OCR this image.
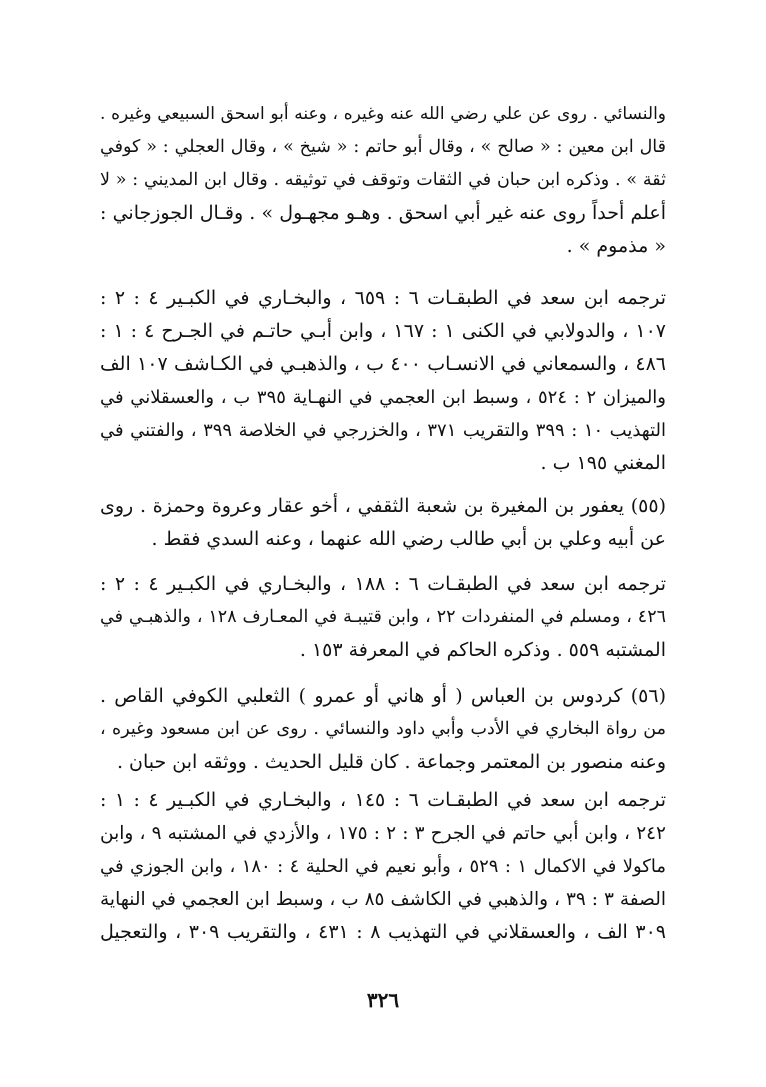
والنسائي . روى عن علي رضي الله عنه وغيره ، وعنه أبو اسحق السبيعي وغيره .
قال ابن معين : « صالح » ، وقال أبو حاتم : « شيخ » ، وقال العجلي : « كوفي
ثقة » . وذكره ابن حبان في الثقات وتوقف في توثيقه . وقال ابن المديني : « لا
أعلم أحداً روى عنه غير أبي اسحق . وهـو مجهـول » . وقـال الجوزجاني :
« مذموم » .
ترجمه ابن سعد في الطبقـات ٦ : ٦٥٩ ، والبخـاري في الكبـير ٤ : ٢ :
١٠٧ ، والدولابي في الكنى ١ : ١٦٧ ، وابن أبـي حاتـم في الجـرح ٤ : ١ :
٤٨٦ ، والسمعاني في الانسـاب ٤٠٠ ب ، والذهبـي في الكـاشف ١٠٧ الف
والميزان ٢ : ٥٢٤ ، وسبط ابن العجمي في النهـاية ٣٩٥ ب ، والعسقلاني في
التهذيب ١٠ : ٣٩٩ والتقريب ٣٧١ ، والخزرجي في الخلاصة ٣٩٩ ، والفتني في
المغني ١٩٥ ب .
(٥٥) يعفور بن المغيرة بن شعبة الثقفي ، أخو عقار وعروة وحمزة . روى
عن أبيه وعلي بن أبي طالب رضي الله عنهما ، وعنه السدي فقط .
ترجمه ابن سعد في الطبقـات ٦ : ١٨٨ ، والبخـاري في الكبـير ٤ : ٢ :
٤٢٦ ، ومسلم في المنفردات ٢٢ ، وابن قتيبـة في المعـارف ١٢٨ ، والذهبـي في
المشتبه ٥٥٩ . وذكره الحاكم في المعرفة ١٥٣ .
(٥٦) كردوس بن العباس ( أو هاني أو عمرو ) الثعلبي الكوفي القاص .
من رواة البخاري في الأدب وأبي داود والنسائي . روى عن ابن مسعود وغيره ،
وعنه منصور بن المعتمر وجماعة . كان قليل الحديث . ووثقه ابن حبان .
ترجمه ابن سعد في الطبقـات ٦ : ١٤٥ ، والبخـاري في الكبـير ٤ : ١ :
٢٤٢ ، وابن أبي حاتم في الجرح ٣ : ٢ : ١٧٥ ، والأزدي في المشتبه ٩ ، وابن
ماكولا في الاكمال ١ : ٥٢٩ ، وأبو نعيم في الحلية ٤ : ١٨٠ ، وابن الجوزي في
الصفة ٣ : ٣٩ ، والذهبي في الكاشف ٨٥ ب ، وسبط ابن العجمي في النهاية
٣٠٩ الف ، والعسقلاني في التهذيب ٨ : ٤٣١ ، والتقريب ٣٠٩ ، والتعجيل
٣٢٦
